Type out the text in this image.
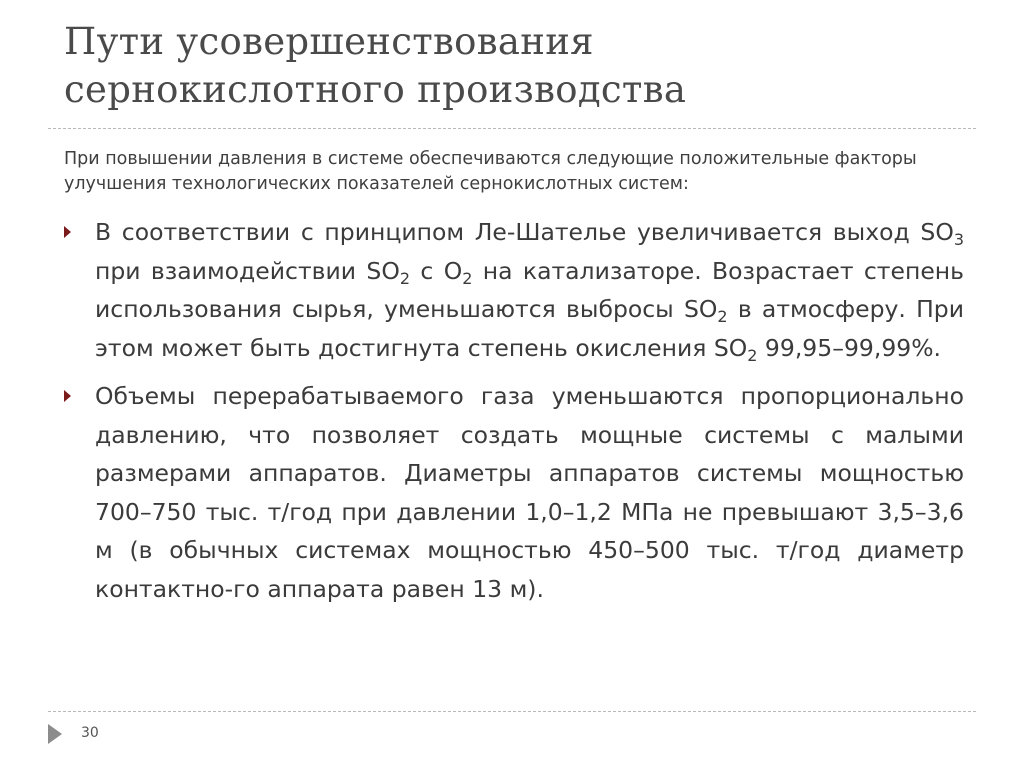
Пути усовершенствования
сернокислотного производства
При повышении давления в системе обеспечиваются следующие положительные факторы улучшения технологических показателей сернокислотных систем:
В соответствии с принципом Ле-Шателье увеличивается выход $SO_3$ при взаимодействии $SO_2$ с $O_2$ на катализаторе. Возрастает степень использования сырья, уменьшаются выбросы $SO_2$ в атмосферу. При этом может быть достигнута степень окисления $SO_2$ 99,95–99,99%.
Объемы перерабатываемого газа уменьшаются пропорционально давлению, что позволяет создать мощные системы с малыми размерами аппаратов. Диаметры аппаратов системы мощностью 700–750 тыс. т/год при давлении 1,0–1,2 МПа не превышают 3,5–3,6 м (в обычных системах мощностью 450–500 тыс. т/год диаметр контактно-го аппарата равен 13 м).
30
